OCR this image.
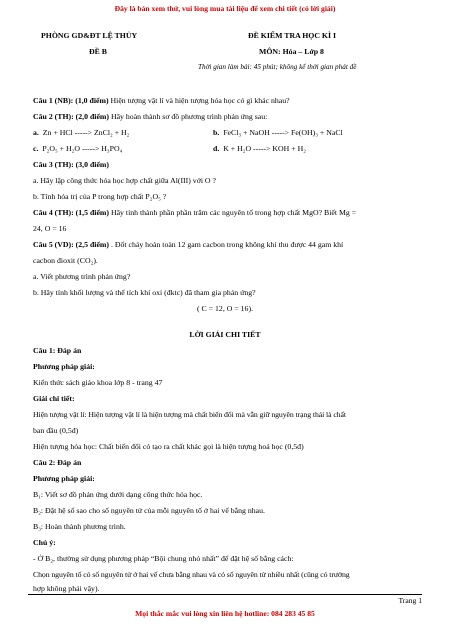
Đây là bản xem thử, vui lòng mua tài liệu để xem chi tiết (có lời giải)
PHÒNG GD&ĐT LỆ THỦY
ĐỀ B
ĐỀ KIỂM TRA HỌC KÌ I
MÔN: Hóa – Lớp 8
Thời gian làm bài: 45 phút; không kể thời gian phát đề
Câu 1 (NB): (1,0 điểm) Hiện tượng vật lí và hiện tượng hóa học có gì khác nhau?
Câu 2 (TH): (2,0 điểm) Hãy hoàn thành sơ đồ phương trình phản ứng sau:
a. Zn + HCl -----> ZnCl₂ + H₂	b. FeCl₃ + NaOH -----> Fe(OH)₃ + NaCl
c. P₂O₅ + H₂O -----> H₃PO₄	d. K + H₂O -----> KOH + H₂
Câu 3 (TH): (3,0 điểm)
a. Hãy lập công thức hóa học hợp chất giữa Al(III) với O ?
b. Tính hóa trị của P trong hợp chất P₂O₅ ?
Câu 4 (TH): (1,5 điểm) Hãy tính thành phần phần trăm các nguyên tố trong hợp chất MgO? Biết Mg =
24, O = 16
Câu 5 (VD): (2,5 điểm) . Đốt cháy hoàn toàn 12 gam cacbon trong không khí thu được 44 gam khí
cacbon đioxit (CO₂).
a. Viết phương trình phản ứng?
b. Hãy tính khối lượng và thể tích khí oxi (đktc) đã tham gia phản ứng?
( C = 12, O = 16).
LỜI GIẢI CHI TIẾT
Câu 1: Đáp án
Phương pháp giải:
Kiến thức sách giáo khoa lớp 8 - trang 47
Giải chi tiết:
Hiện tượng vật lí: Hiện tượng vật lí là hiện tượng mà chất biến đổi mà vẫn giữ nguyên trạng thái là chất
ban đầu (0,5đ)
Hiện tượng hóa học: Chất biến đổi có tạo ra chất khác gọi là hiện tượng hoá học (0,5đ)
Câu 2: Đáp án
Phương pháp giải:
B₁: Viết sơ đồ phản ứng dưới dạng công thức hóa học.
B₂: Đặt hệ số sao cho số nguyên tử của mỗi nguyên tố ở hai vế bằng nhau.
B₃: Hoàn thành phương trình.
Chú ý:
- Ở B₂, thường sử dụng phương pháp “Bội chung nhỏ nhất” để đặt hệ số bằng cách:
Chọn nguyên tố có số nguyên tử ở hai vế chưa bằng nhau và có số nguyên tử nhiều nhất (cũng có trường
hợp không phải vậy).
Trang 1
Mọi thắc mắc vui lòng xin liên hệ hotline: 084 283 45 85
